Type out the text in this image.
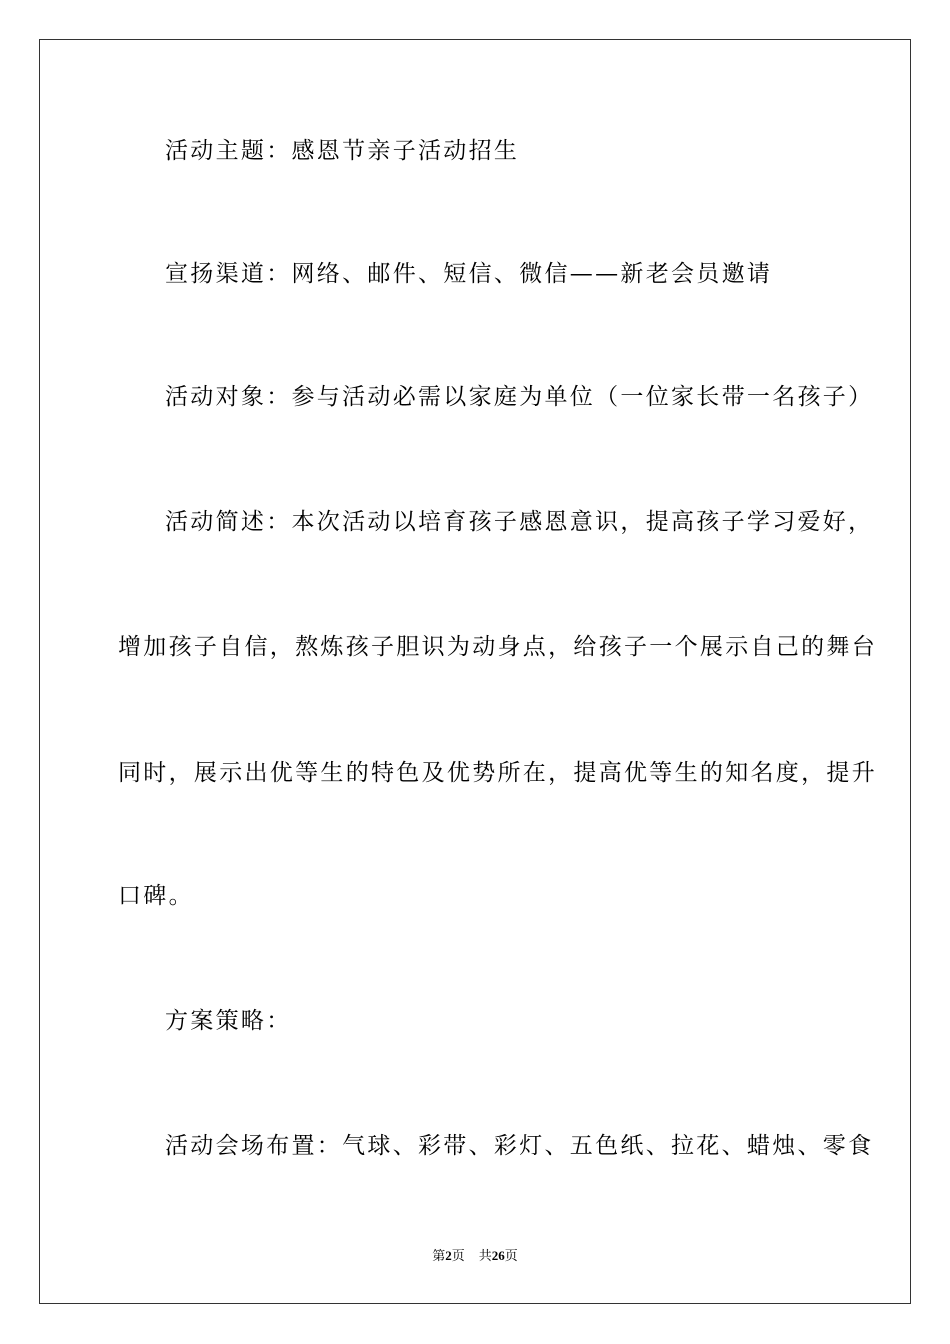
活动主题：感恩节亲子活动招生
宣扬渠道：网络、邮件、短信、微信——新老会员邀请
活动对象：参与活动必需以家庭为单位（一位家长带一名孩子）
活动简述：本次活动以培育孩子感恩意识，提高孩子学习爱好，
增加孩子自信，熬炼孩子胆识为动身点，给孩子一个展示自己的舞台
同时，展示出优等生的特色及优势所在，提高优等生的知名度，提升
口碑。
方案策略：
活动会场布置：气球、彩带、彩灯、五色纸、拉花、蜡烛、零食
第2页 共26页
